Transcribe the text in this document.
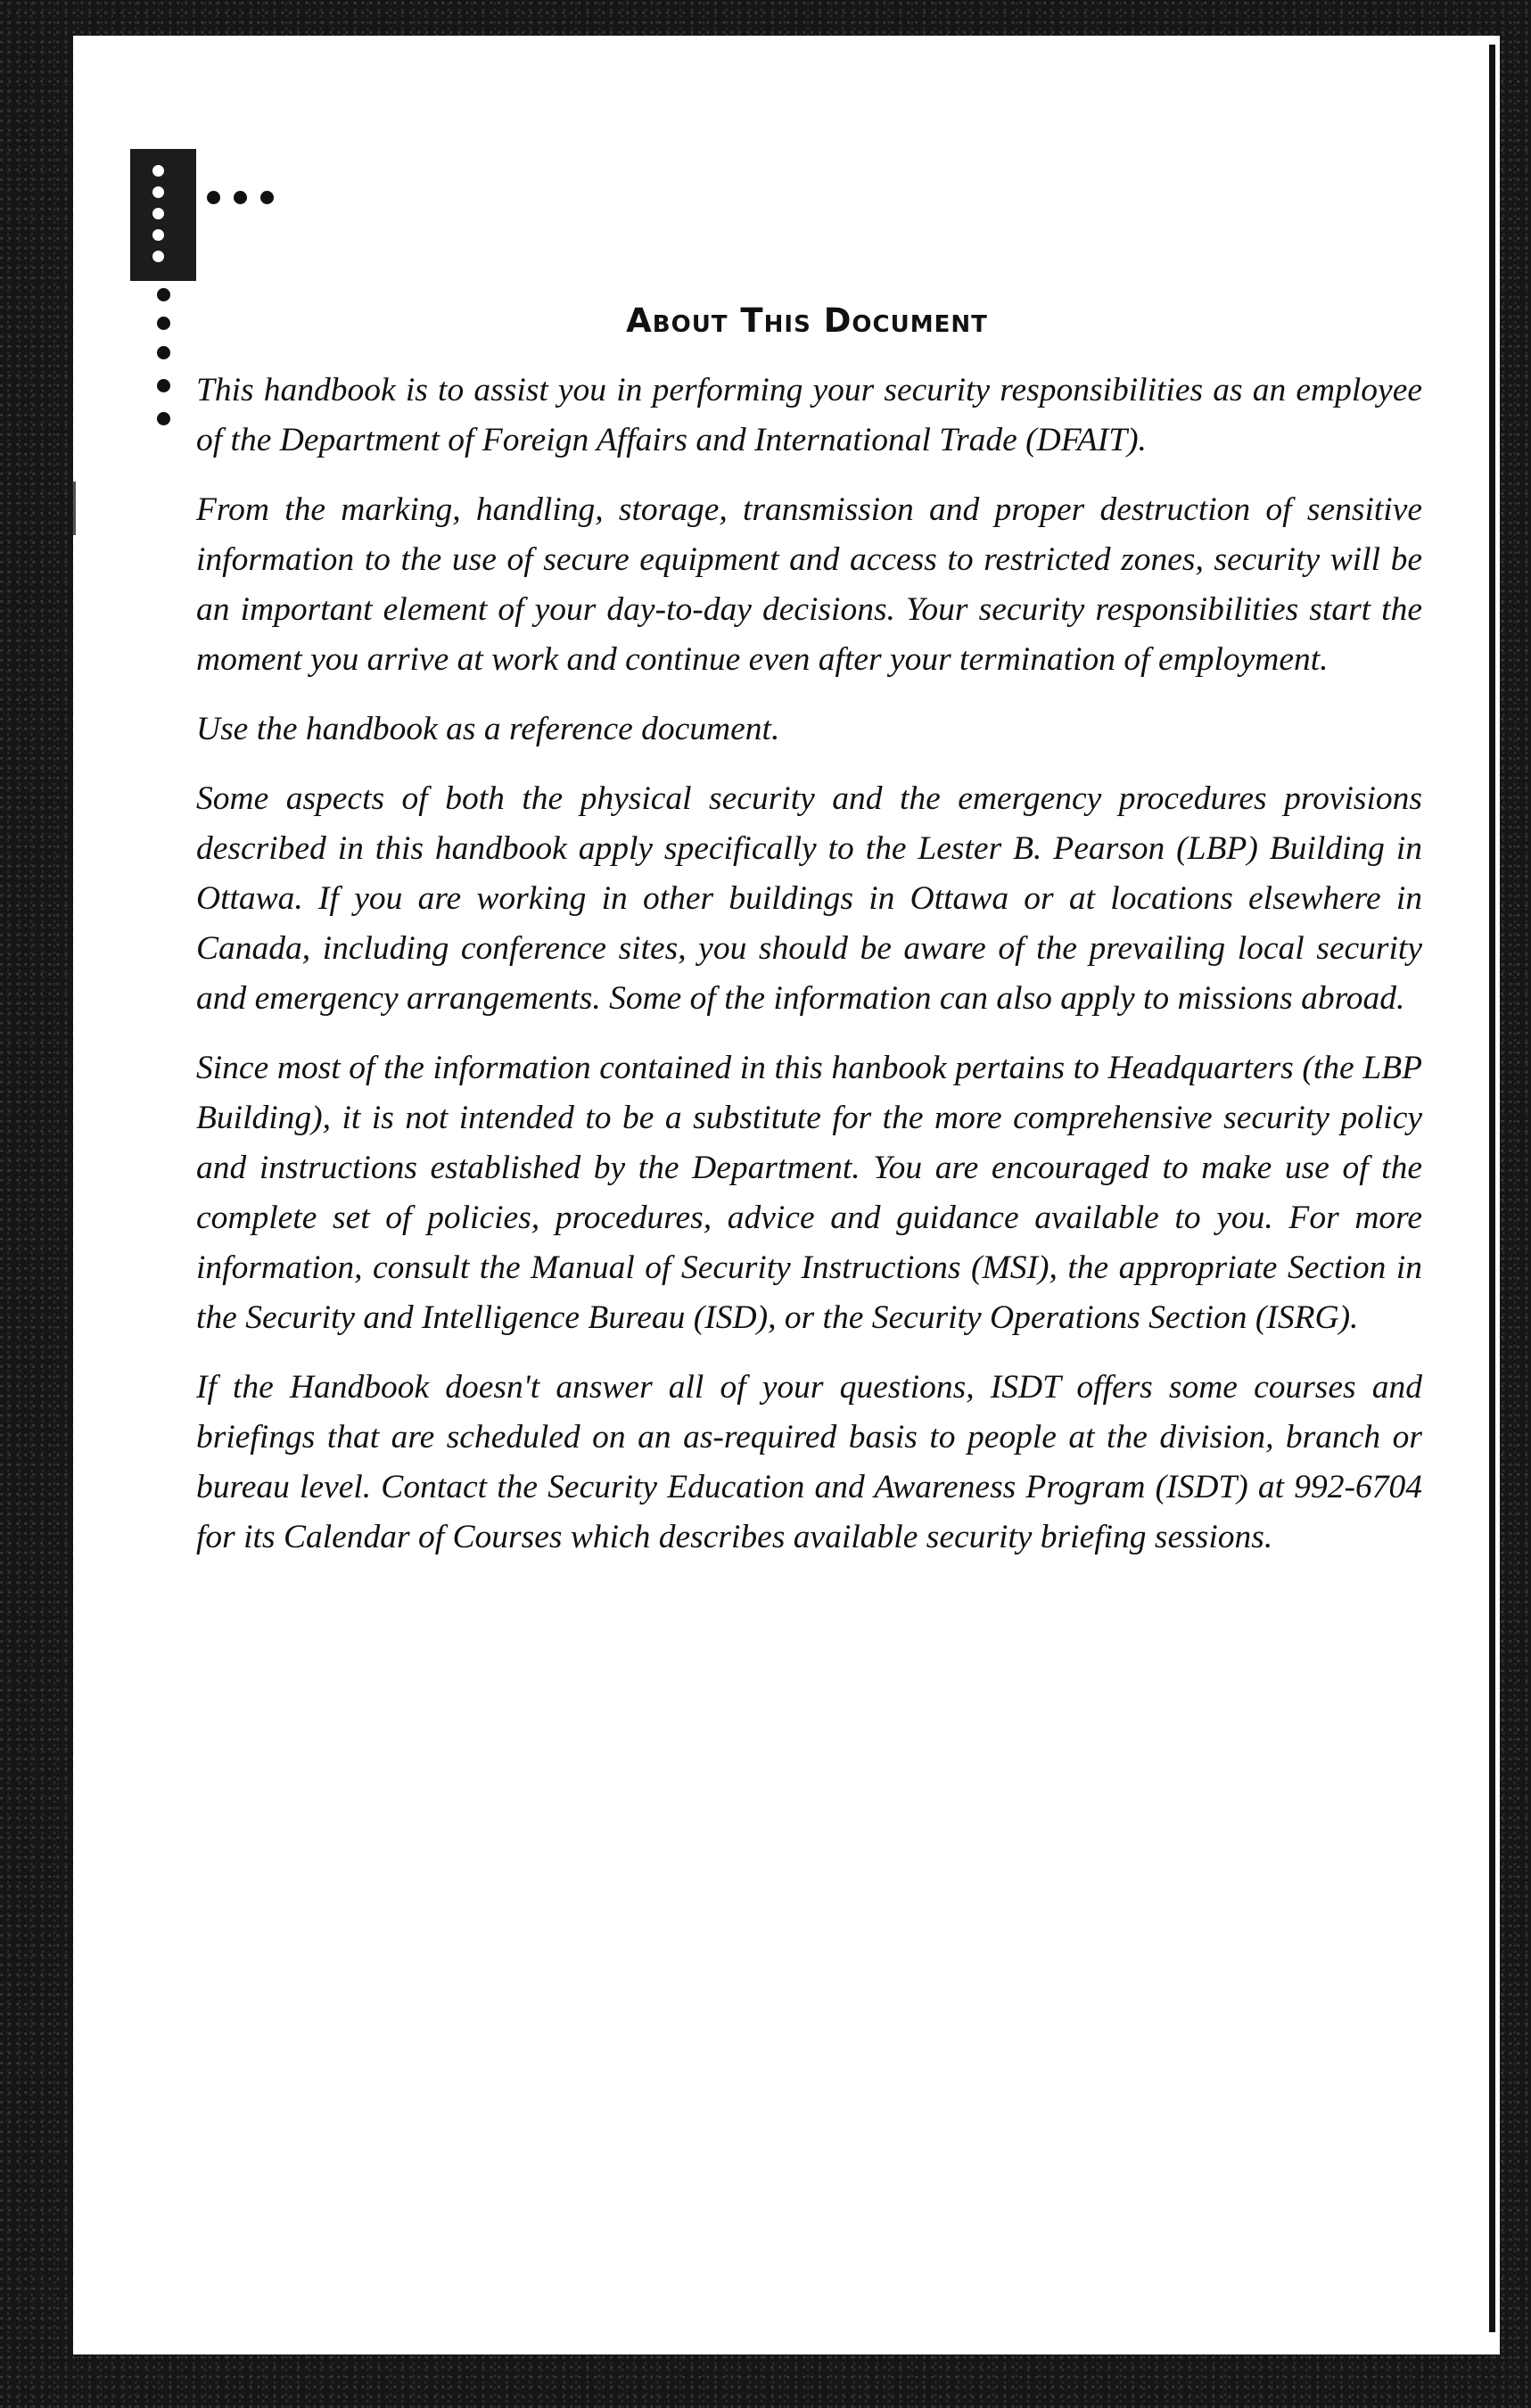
About This Document

This handbook is to assist you in performing your security responsibilities as an employee of the Department of Foreign Affairs and International Trade (DFAIT).

From the marking, handling, storage, transmission and proper destruction of sensitive information to the use of secure equipment and access to restricted zones, security will be an important element of your day-to-day decisions. Your security responsibilities start the moment you arrive at work and continue even after your termination of employment.

Use the handbook as a reference document.

Some aspects of both the physical security and the emergency procedures provisions described in this handbook apply specifically to the Lester B. Pearson (LBP) Building in Ottawa. If you are working in other buildings in Ottawa or at locations elsewhere in Canada, including conference sites, you should be aware of the prevailing local security and emergency arrangements. Some of the information can also apply to missions abroad.

Since most of the information contained in this hanbook pertains to Headquarters (the LBP Building), it is not intended to be a substitute for the more comprehensive security policy and instructions established by the Department. You are encouraged to make use of the complete set of policies, procedures, advice and guidance available to you. For more information, consult the Manual of Security Instructions (MSI), the appropriate Section in the Security and Intelligence Bureau (ISD), or the Security Operations Section (ISRG).

If the Handbook doesn't answer all of your questions, ISDT offers some courses and briefings that are scheduled on an as-required basis to people at the division, branch or bureau level. Contact the Security Education and Awareness Program (ISDT) at 992-6704 for its Calendar of Courses which describes available security briefing sessions.
